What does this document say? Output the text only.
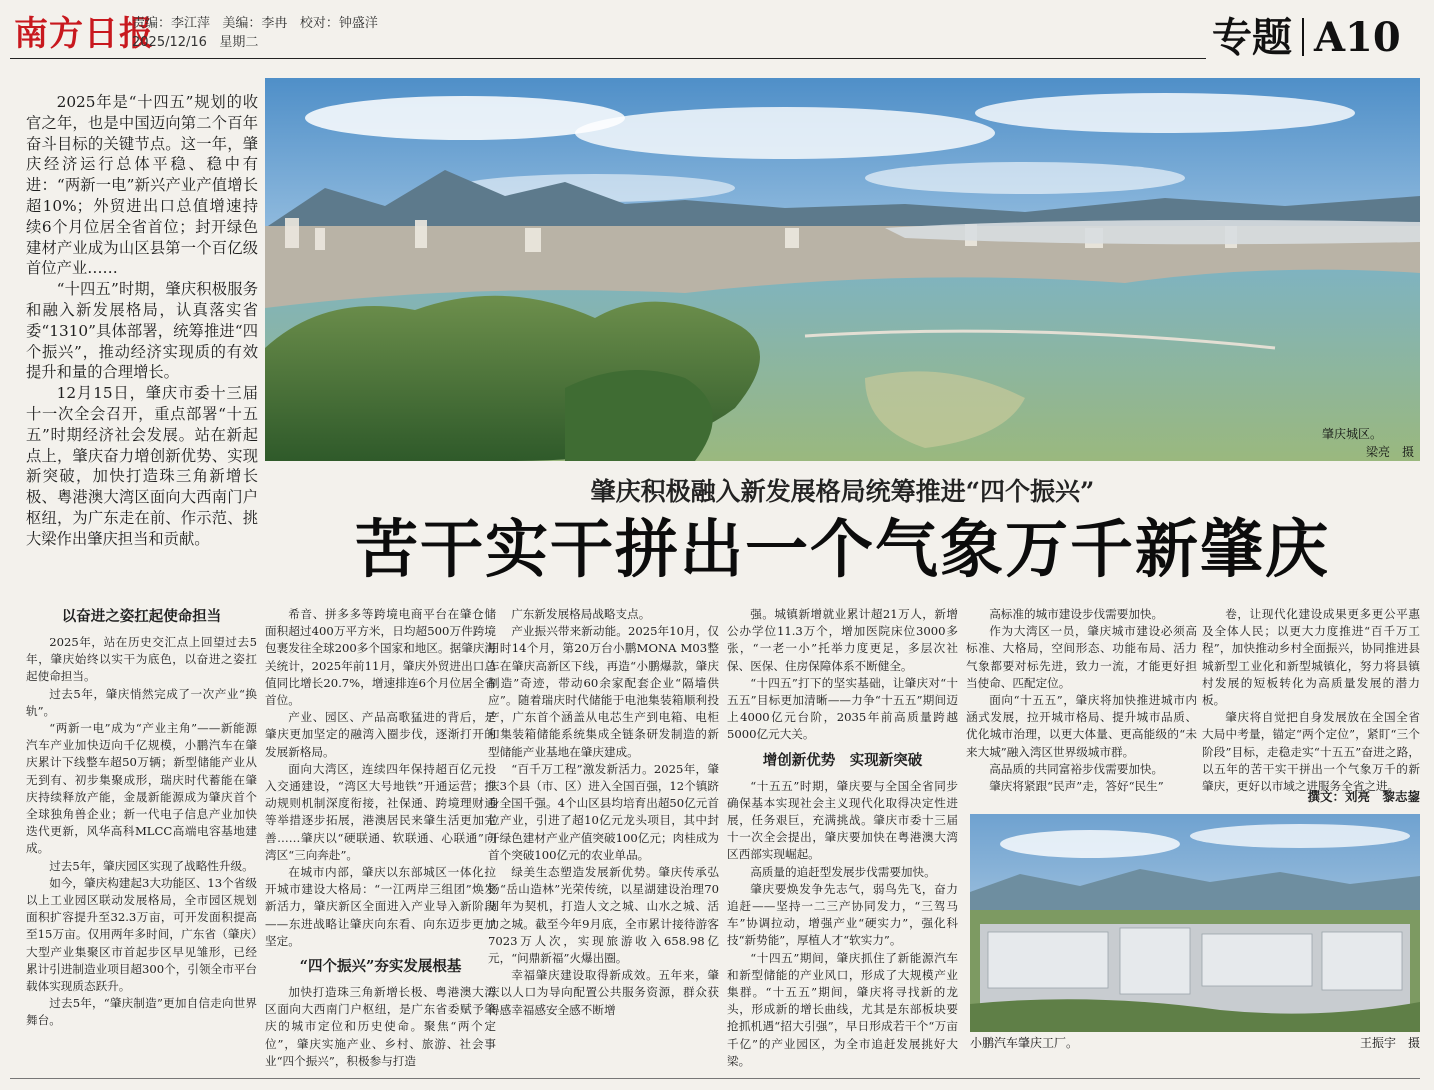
南方日报
责编：李江萍 美编：李冉 校对：钟盛洋
2025/12/16 星期二	专题 A10

2025年是“十四五”规划的收官之年，也是中国迈向第二个百年奋斗目标的关键节点。这一年，肇庆经济运行总体平稳、稳中有进：“两新一电”新兴产业产值增长超10%；外贸进出口总值增速持续6个月位居全省首位；封开绿色建材产业成为山区县第一个百亿级首位产业……

“十四五”时期，肇庆积极服务和融入新发展格局，认真落实省委“1310”具体部署，统筹推进“四个振兴”，推动经济实现质的有效提升和量的合理增长。

12月15日，肇庆市委十三届十一次全会召开，重点部署“十五五”时期经济社会发展。站在新起点上，肇庆奋力增创新优势、实现新突破，加快打造珠三角新增长极、粤港澳大湾区面向大西南门户枢纽，为广东走在前、作示范、挑大梁作出肇庆担当和贡献。

肇庆城区。
梁亮　摄
肇庆积极融入新发展格局统筹推进“四个振兴”
苦干实干拼出一个气象万千新肇庆
以奋进之姿扛起使命担当

2025年，站在历史交汇点上回望过去5年，肇庆始终以实干为底色，以奋进之姿扛起使命担当。

过去5年，肇庆悄然完成了一次产业“换轨”。

“两新一电”成为“产业主角”——新能源汽车产业加快迈向千亿规模，小鹏汽车在肇庆累计下线整车超50万辆；新型储能产业从无到有、初步集聚成形，瑞庆时代蓄能在肇庆持续释放产能，金晟新能源成为肇庆首个全球独角兽企业；新一代电子信息产业加快迭代更新，风华高科MLCC高端电容基地建成。

过去5年，肇庆园区实现了战略性升级。

如今，肇庆构建起3大功能区、13个省级以上工业园区联动发展格局，全市园区规划面积扩容提升至32.3万亩，可开发面积提高至15万亩。仅用两年多时间，广东省（肇庆）大型产业集聚区市首起步区早见雏形，已经累计引进制造业项目超300个，引领全市平台载体实现质态跃升。

过去5年，“肇庆制造”更加自信走向世界舞台。

希音、拼多多等跨境电商平台在肇仓储面积超过400万平方米，日均超500万件跨境包裹发往全球200多个国家和地区。据肇庆海关统计，2025年前11月，肇庆外贸进出口总值同比增长20.7%，增速排连6个月位居全省首位。

产业、园区、产品高歌猛进的背后，是肇庆更加坚定的融湾入圈步伐，逐渐打开的发展新格局。

面向大湾区，连续四年保持超百亿元投入交通建设，“湾区大号地铁”开通运营；推动规则机制深度衔接，社保通、跨境理财通等举措逐步拓展，港澳居民来肇生活更加完善……肇庆以“硬联通、软联通、心联通”向湾区“三向奔赴”。

在城市内部，肇庆以东部城区一体化拉开城市建设大格局：“一江两岸三组团”焕发新活力，肇庆新区全面进入产业导入新阶段——东进战略让肇庆向东看、向东迈步更加坚定。

“四个振兴”夯实发展根基

加快打造珠三角新增长极、粤港澳大湾区面向大西南门户枢纽，是广东省委赋予肇庆的城市定位和历史使命。聚焦“两个定位”，肇庆实施产业、乡村、旅游、社会事业“四个振兴”，积极参与打造

广东新发展格局战略支点。

产业振兴带来新动能。2025年10月，仅用时14个月，第20万台小鹏MONA M03整车在肇庆高新区下线，再造“小鹏爆款，肇庆制造”奇迹，带动60余家配套企业“隔墙供应”。随着瑞庆时代储能于电池集装箱顺利投产，广东首个涵盖从电芯生产到电箱、电柜和集装箱储能系统集成全链条研发制造的新型储能产业基地在肇庆建成。

“百千万工程”激发新活力。2025年，肇庆3个县（市、区）进入全国百强，12个镇跻身全国千强。4个山区县均培育出超50亿元首位产业，引进了超10亿元龙头项目，其中封开绿色建材产业产值突破100亿元；肉桂成为首个突破100亿元的农业单品。

绿美生态塑造发展新优势。肇庆传承弘扬“岳山造林”光荣传统，以星湖建设治理70周年为契机，打造人文之城、山水之城、活力之城。截至今年9月底，全市累计接待游客7023万人次，实现旅游收入658.98亿元，“问鼎新福”火爆出圈。

幸福肇庆建设取得新成效。五年来，肇庆以人口为导向配置公共服务资源，群众获得感幸福感安全感不断增

强。城镇新增就业累计超21万人，新增公办学位11.3万个，增加医院床位3000多张，“一老一小”托举力度更足，多层次社保、医保、住房保障体系不断健全。

“十四五”打下的坚实基础，让肇庆对“十五五”目标更加清晰——力争“十五五”期间迈上4000亿元台阶，2035年前高质量跨越5000亿元大关。

增创新优势　实现新突破

“十五五”时期，肇庆要与全国全省同步确保基本实现社会主义现代化取得决定性进展，任务艰巨，充满挑战。肇庆市委十三届十一次全会提出，肇庆要加快在粤港澳大湾区西部实现崛起。

高质量的追赶型发展步伐需要加快。

肇庆要焕发争先志气，弱鸟先飞，奋力追赶——坚持一二三产协同发力，“三驾马车”协调拉动，增强产业“硬实力”，强化科技“新势能”，厚植人才“软实力”。

“十四五”期间，肇庆抓住了新能源汽车和新型储能的产业风口，形成了大规模产业集群。“十五五”期间，肇庆将寻找新的龙头，形成新的增长曲线，尤其是东部板块要抢抓机遇“招大引强”，早日形成若干个“万亩千亿”的产业园区，为全市追赶发展挑好大梁。

高标准的城市建设步伐需要加快。

作为大湾区一员，肇庆城市建设必须高标准、大格局，空间形态、功能布局、活力气象都要对标先进，致力一流，才能更好担当使命、匹配定位。

面向“十五五”，肇庆将加快推进城市内涵式发展，拉开城市格局、提升城市品质、优化城市治理，以更大体量、更高能级的“未来大城”融入湾区世界级城市群。

高品质的共同富裕步伐需要加快。

肇庆将紧跟“民声”走，答好“民生”

卷，让现代化建设成果更多更公平惠及全体人民；以更大力度推进“百千万工程”，加快推动乡村全面振兴，协同推进县城新型工业化和新型城镇化，努力将县镇村发展的短板转化为高质量发展的潜力板。

肇庆将自觉把自身发展放在全国全省大局中考量，锚定“两个定位”，紧盯“三个阶段”目标，走稳走实“十五五”奋进之路，以五年的苦干实干拼出一个气象万千的新肇庆，更好以市域之进服务全省之进。

撰文：刘亮　黎志鋆
小鹏汽车肇庆工厂。	王振宇　摄
